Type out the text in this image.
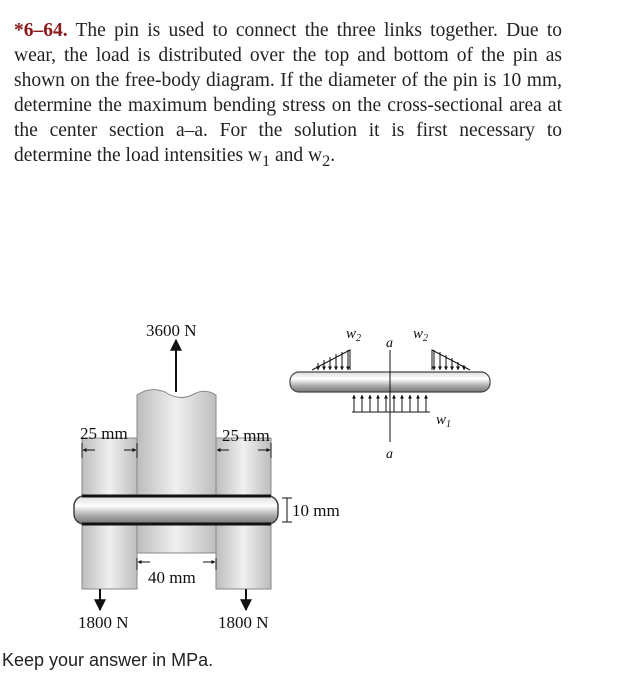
*6–64. The pin is used to connect the three links together. Due to wear, the load is distributed over the top and bottom of the pin as shown on the free-body diagram. If the diameter of the pin is 10 mm, determine the maximum bending stress on the cross-sectional area at the center section a–a. For the solution it is first necessary to determine the load intensities $w_1$ and $w_2$.
3600 N
25 mm	25 mm
10 mm
40 mm
1800 N	1800 N
a
a
$w_2$	$w_2$
$w_1$
Keep your answer in MPa.
